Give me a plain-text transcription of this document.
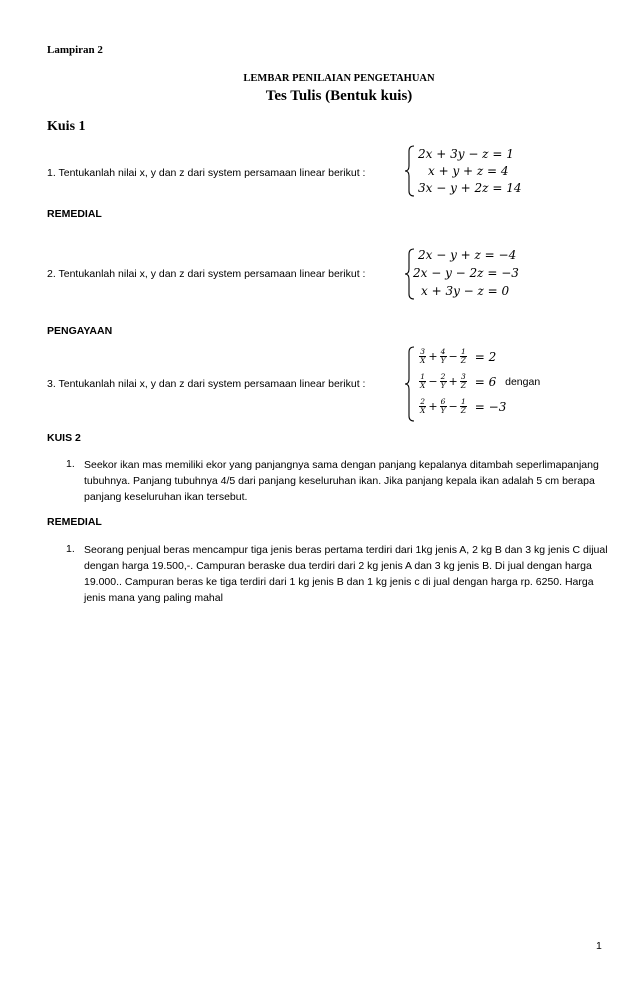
Lampiran 2
LEMBAR PENILAIAN PENGETAHUAN
Tes Tulis (Bentuk kuis)
Kuis 1
1. Tentukanlah nilai x, y dan z dari system persamaan linear berikut :
2x + 3y − z = 1
x + y + z = 4
3x − y + 2z = 14
REMEDIAL
2. Tentukanlah nilai x, y dan z dari system persamaan linear berikut :
2x − y + z = −4
2x − y − 2z = −3
x + 3y − z = 0
PENGAYAAN
3. Tentukanlah nilai x, y dan z dari system persamaan linear berikut :
$\frac{3}{X} + \frac{4}{Y} - \frac{1}{Z} = 2$
$\frac{1}{X} - \frac{2}{Y} + \frac{3}{Z} = 6$ dengan
$\frac{2}{X} + \frac{6}{Y} - \frac{1}{Z} = -3$
KUIS 2
1. Seekor ikan mas memiliki ekor yang panjangnya sama dengan panjang kepalanya ditambah seperlimapanjang tubuhnya. Panjang tubuhnya 4/5 dari panjang keseluruhan ikan. Jika panjang kepala ikan adalah 5 cm berapa panjang keseluruhan ikan tersebut.
REMEDIAL
1. Seorang penjual beras mencampur tiga jenis beras pertama terdiri dari 1kg jenis A, 2 kg B dan 3 kg jenis C dijual dengan harga 19.500,-. Campuran beraske dua terdiri dari 2 kg jenis A dan 3 kg jenis B. Di jual dengan harga 19.000.. Campuran beras ke tiga terdiri dari 1 kg jenis B dan 1 kg jenis c di jual dengan harga rp. 6250. Harga jenis mana yang paling mahal
1
